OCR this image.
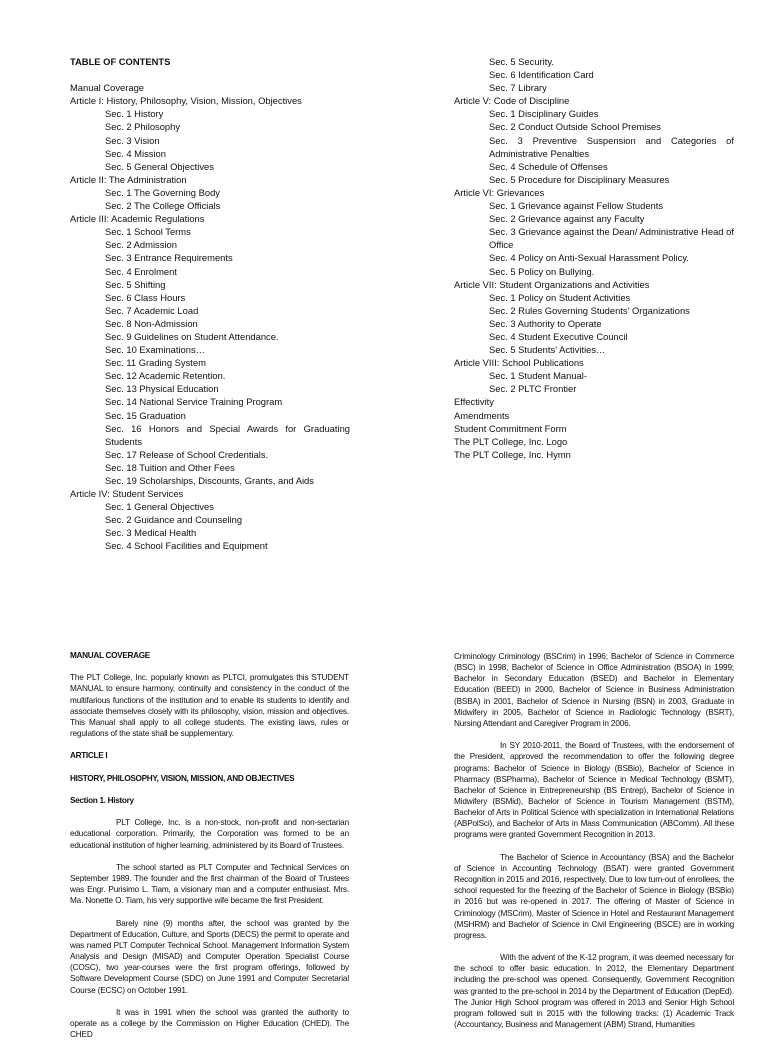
TABLE OF CONTENTS
Manual Coverage
Article I: History, Philosophy, Vision, Mission, Objectives
Sec. 1 History
Sec. 2 Philosophy
Sec. 3 Vision
Sec. 4 Mission
Sec. 5 General Objectives
Article II: The Administration
Sec. 1 The Governing Body
Sec. 2 The College Officials
Article III: Academic Regulations
Sec. 1 School Terms
Sec. 2 Admission
Sec. 3 Entrance Requirements
Sec. 4 Enrolment
Sec. 5 Shifting
Sec. 6 Class Hours
Sec. 7 Academic Load
Sec. 8 Non-Admission
Sec. 9 Guidelines on Student Attendance.
Sec. 10 Examinations…
Sec. 11 Grading System
Sec. 12 Academic Retention.
Sec. 13 Physical Education
Sec. 14 National Service Training Program
Sec. 15 Graduation
Sec. 16 Honors and Special Awards for Graduating Students
Sec. 17 Release of School Credentials.
Sec. 18 Tuition and Other Fees
Sec. 19 Scholarships, Discounts, Grants, and Aids
Article IV: Student Services
Sec. 1 General Objectives
Sec. 2 Guidance and Counseling
Sec. 3 Medical Health
Sec. 4 School Facilities and Equipment
Sec. 5 Security.
Sec. 6 Identification Card
Sec. 7 Library
Article V: Code of Discipline
Sec. 1 Disciplinary Guides
Sec. 2 Conduct Outside School Premises
Sec. 3 Preventive Suspension and Categories of Administrative Penalties
Sec. 4 Schedule of Offenses
Sec. 5 Procedure for Disciplinary Measures
Article VI: Grievances
Sec. 1 Grievance against Fellow Students
Sec. 2 Grievance against any Faculty
Sec. 3 Grievance against the Dean/ Administrative Head of Office
Sec. 4 Policy on Anti-Sexual Harassment Policy.
Sec. 5 Policy on Bullying.
Article VII: Student Organizations and Activities
Sec. 1 Policy on Student Activities
Sec. 2 Rules Governing Students' Organizations
Sec. 3 Authority to Operate
Sec. 4 Student Executive Council
Sec. 5 Students' Activities…
Article VIII: School Publications
Sec. 1 Student Manual-
Sec. 2 PLTC Frontier
Effectivity
Amendments
Student Commitment Form
The PLT College, Inc. Logo
The PLT College, Inc. Hymn
MANUAL COVERAGE

The PLT College, Inc. popularly known as PLTCI, promulgates this STUDENT MANUAL to ensure harmony, continuity and consistency in the conduct of the multifarious functions of the institution and to enable its students to identify and associate themselves closely with its philosophy, vision, mission and objectives. This Manual shall apply to all college students. The existing laws, rules or regulations of the state shall be supplementary.

ARTICLE I
HISTORY, PHILOSOPHY, VISION, MISSION, AND OBJECTIVES
Section 1. History

PLT College, Inc. is a non-stock, non-profit and non-sectarian educational corporation. Primarily, the Corporation was formed to be an educational institution of higher learning, administered by its Board of Trustees.

The school started as PLT Computer and Technical Services on September 1989. The founder and the first chairman of the Board of Trustees was Engr. Purisimo L. Tiam, a visionary man and a computer enthusiast. Mrs. Ma. Nonette O. Tiam, his very supportive wife became the first President.

Barely nine (9) months after, the school was granted by the Department of Education, Culture, and Sports (DECS) the permit to operate and was named PLT Computer Technical School. Management Information System Analysis and Design (MISAD) and Computer Operation Specialist Course (COSC), two year-courses were the first program offerings, followed by Software Development Course (SDC) on June 1991 and Computer Secretarial Course (ECSC) on October 1991.

It was in 1991 when the school was granted the authority to operate as a college by the Commission on Higher Education (CHED). The CHED

Criminology Criminology (BSCrim) in 1996; Bachelor of Science in Commerce (BSC) in 1998, Bachelor of Science in Office Administration (BSOA) in 1999; Bachelor in Secondary Education (BSED) and Bachelor in Elementary Education (BEED) in 2000, Bachelor of Science in Business Administration (BSBA) in 2001, Bachelor of Science in Nursing (BSN) in 2003, Graduate in Midwifery in 2005, Bachelor of Science in Radiologic Technology (BSRT), Nursing Attendant and Caregiver Program in 2006.

In SY 2010-2011, the Board of Trustees, with the endorsement of the President, approved the recommendation to offer the following degree programs: Bachelor of Science in Biology (BSBio), Bachelor of Science in Pharmacy (BSPharma), Bachelor of Science in Medical Technology (BSMT), Bachelor of Science in Entrepreneurship (BS Entrep), Bachelor of Science in Midwifery (BSMid), Bachelor of Science in Tourism Management (BSTM), Bachelor of Arts in Political Science with specialization in International Relations (ABPolSci), and Bachelor of Arts in Mass Communication (ABComm). All these programs were granted Government Recognition in 2013.

The Bachelor of Science in Accountancy (BSA) and the Bachelor of Science in Accounting Technology (BSAT) were granted Government Recognition in 2015 and 2016, respectively. Due to low turn-out of enrollees, the school requested for the freezing of the Bachelor of Science in Biology (BSBio) in 2016 but was re-opened in 2017. The offering of Master of Science in Criminology (MSCrim), Master of Science in Hotel and Restaurant Management (MSHRM) and Bachelor of Science in Civil Engineering (BSCE) are in working progress.

With the advent of the K-12 program, it was deemed necessary for the school to offer basic education. In 2012, the Elementary Department including the pre-school was opened. Consequently, Government Recognition was granted to the pre-school in 2014 by the Department of Education (DepEd). The Junior High School program was offered in 2013 and Senior High School program followed suit in 2015 with the following tracks: (1) Academic Track (Accountancy, Business and Management (ABM) Strand, Humanities
